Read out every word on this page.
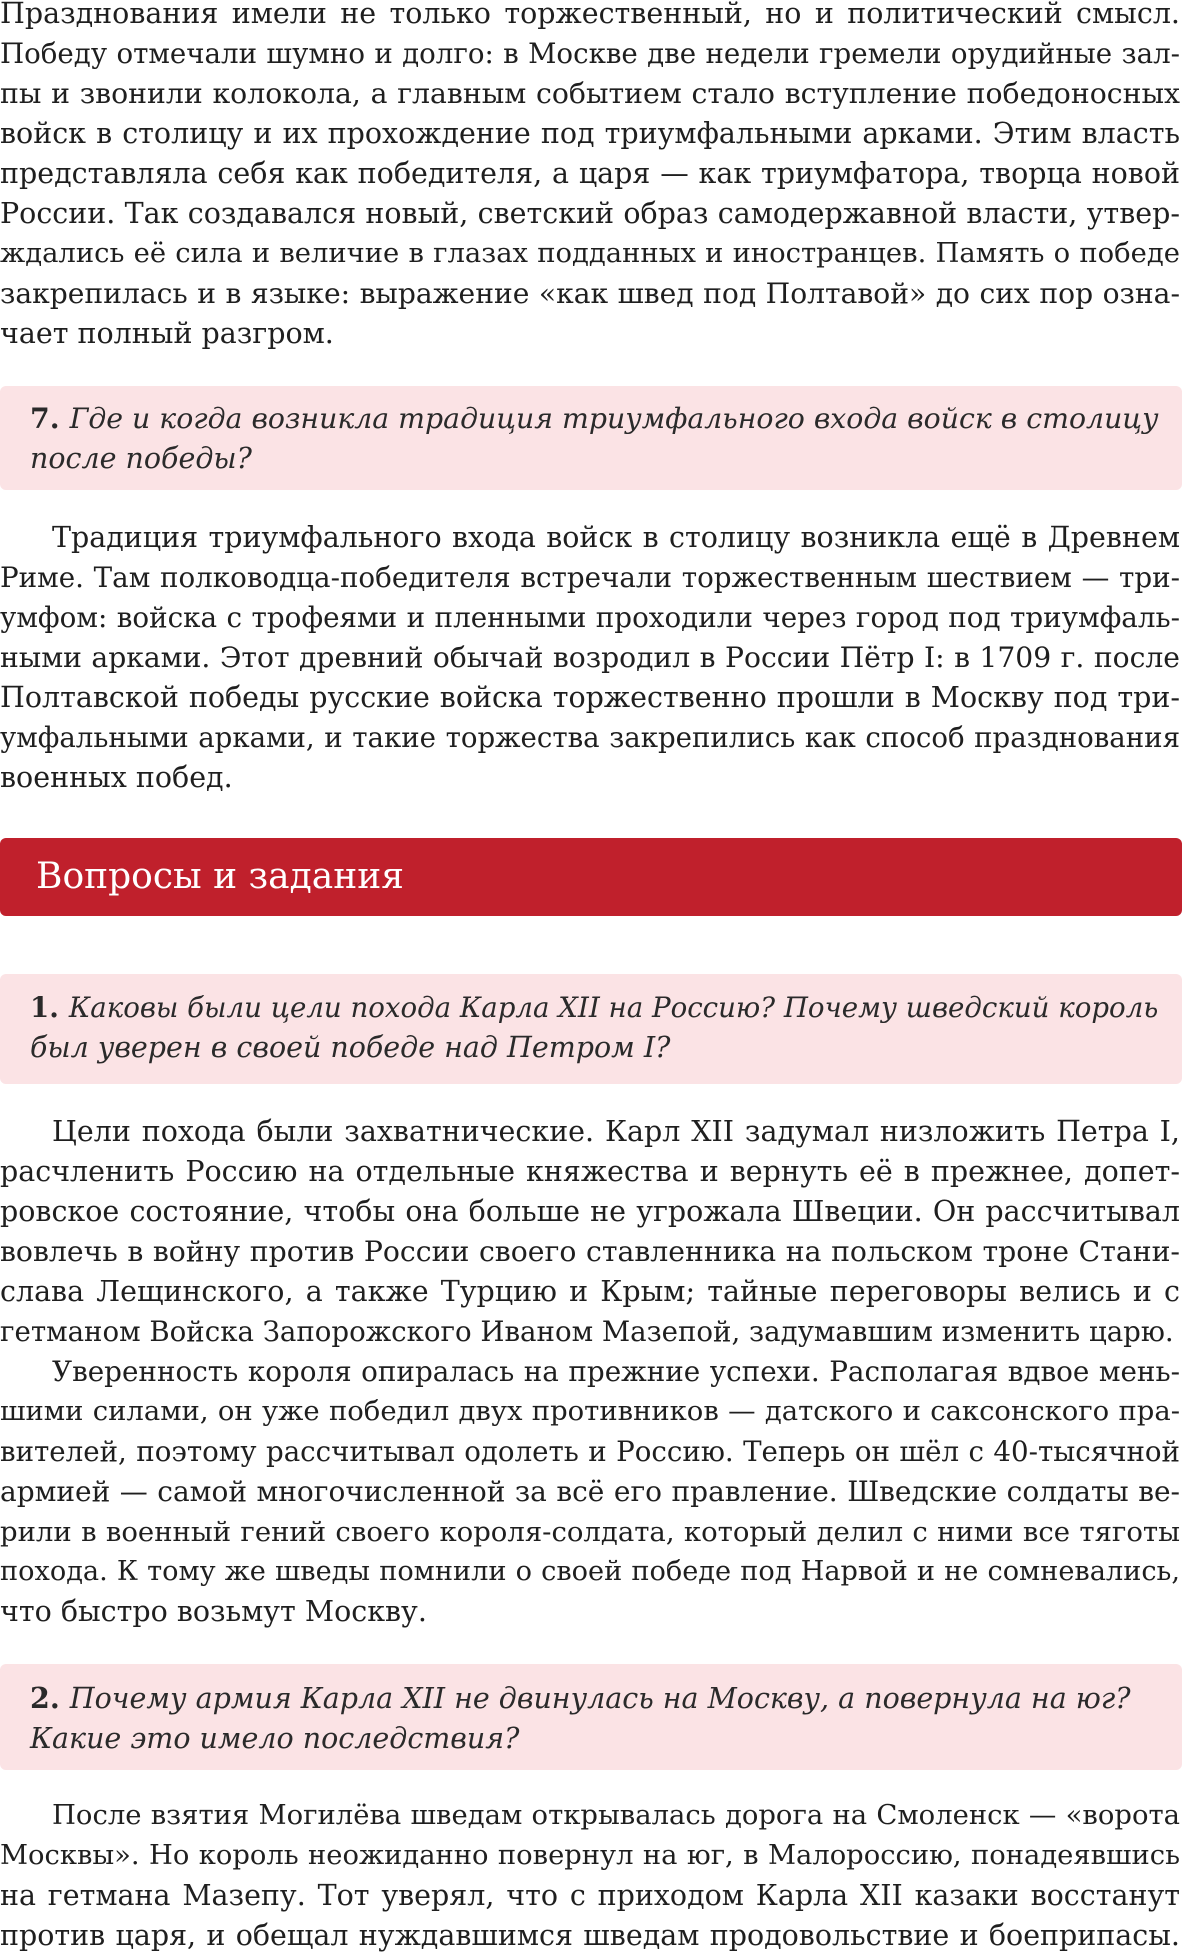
Празднования имели не только торжественный, но и политический смысл.
Победу отмечали шумно и долго: в Москве две недели гремели орудийные зал-
пы и звонили колокола, а главным событием стало вступление победоносных
войск в столицу и их прохождение под триумфальными арками. Этим власть
представляла себя как победителя, а царя — как триумфатора, творца новой
России. Так создавался новый, светский образ самодержавной власти, утвер-
ждались её сила и величие в глазах подданных и иностранцев. Память о победе
закрепилась и в языке: выражение «как швед под Полтавой» до сих пор озна-
чает полный разгром.
7. Где и когда возникла традиция триумфального входа войск в столицу
после победы?
Традиция триумфального входа войск в столицу возникла ещё в Древнем
Риме. Там полководца-победителя встречали торжественным шествием — три-
умфом: войска с трофеями и пленными проходили через город под триумфаль-
ными арками. Этот древний обычай возродил в России Пётр I: в 1709 г. после
Полтавской победы русские войска торжественно прошли в Москву под три-
умфальными арками, и такие торжества закрепились как способ празднования
военных побед.
Вопросы и задания
1. Каковы были цели похода Карла XII на Россию? Почему шведский король
был уверен в своей победе над Петром I?
Цели похода были захватнические. Карл XII задумал низложить Петра I,
расчленить Россию на отдельные княжества и вернуть её в прежнее, допет-
ровское состояние, чтобы она больше не угрожала Швеции. Он рассчитывал
вовлечь в войну против России своего ставленника на польском троне Стани-
слава Лещинского, а также Турцию и Крым; тайные переговоры велись и с
гетманом Войска Запорожского Иваном Мазепой, задумавшим изменить царю.
Уверенность короля опиралась на прежние успехи. Располагая вдвое мень-
шими силами, он уже победил двух противников — датского и саксонского пра-
вителей, поэтому рассчитывал одолеть и Россию. Теперь он шёл с 40-тысячной
армией — самой многочисленной за всё его правление. Шведские солдаты ве-
рили в военный гений своего короля-солдата, который делил с ними все тяготы
похода. К тому же шведы помнили о своей победе под Нарвой и не сомневались,
что быстро возьмут Москву.
2. Почему армия Карла XII не двинулась на Москву, а повернула на юг?
Какие это имело последствия?
После взятия Могилёва шведам открывалась дорога на Смоленск — «ворота
Москвы». Но король неожиданно повернул на юг, в Малороссию, понадеявшись
на гетмана Мазепу. Тот уверял, что с приходом Карла XII казаки восстанут
против царя, и обещал нуждавшимся шведам продовольствие и боеприпасы.
